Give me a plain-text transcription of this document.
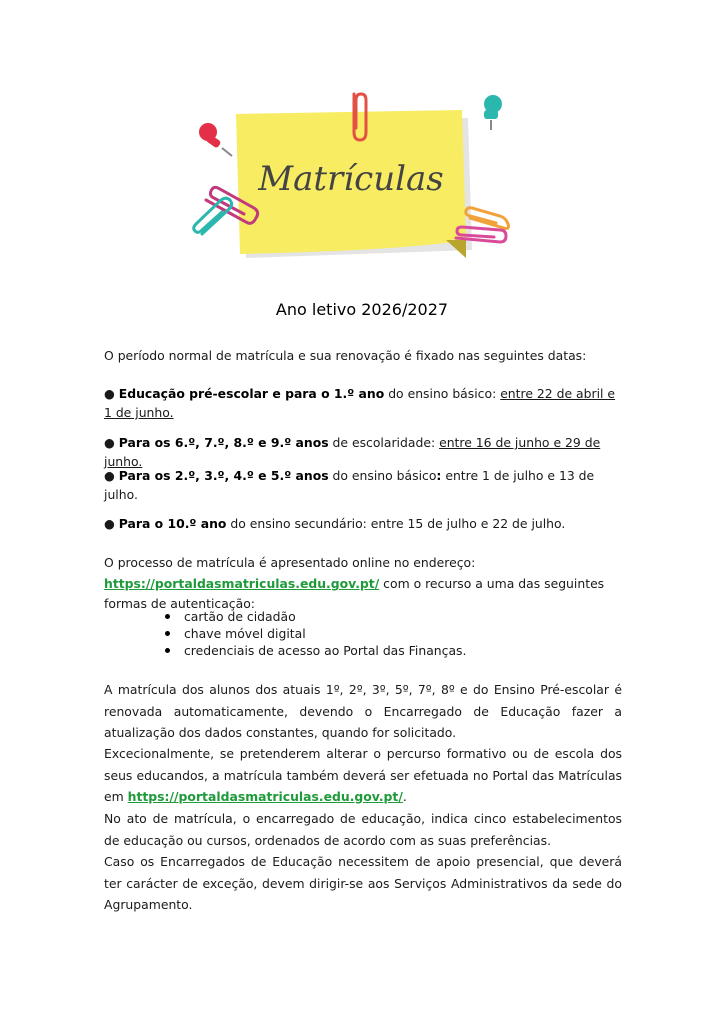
Matrículas
Ano letivo 2026/2027
O período normal de matrícula e sua renovação é fixado nas seguintes datas:
● Educação pré-escolar e para o 1.º ano do ensino básico: entre 22 de abril e 1 de junho.
● Para os 6.º, 7.º, 8.º e 9.º anos de escolaridade: entre 16 de junho e 29 de junho.
● Para os 2.º, 3.º, 4.º e 5.º anos do ensino básico: entre 1 de julho e 13 de julho.
● Para o 10.º ano do ensino secundário: entre 15 de julho e 22 de julho.
O processo de matrícula é apresentado online no endereço:
https://portaldasmatriculas.edu.gov.pt/ com o recurso a uma das seguintes
formas de autenticação:
cartão de cidadão
chave móvel digital
credenciais de acesso ao Portal das Finanças.
A matrícula dos alunos dos atuais 1º, 2º, 3º, 5º, 7º, 8º e do Ensino Pré-escolar é renovada automaticamente, devendo o Encarregado de Educação fazer a atualização dos dados constantes, quando for solicitado.
Excecionalmente, se pretenderem alterar o percurso formativo ou de escola dos seus educandos, a matrícula também deverá ser efetuada no Portal das Matrículas em https://portaldasmatriculas.edu.gov.pt/.
No ato de matrícula, o encarregado de educação, indica cinco estabelecimentos de educação ou cursos, ordenados de acordo com as suas preferências.
Caso os Encarregados de Educação necessitem de apoio presencial, que deverá ter carácter de exceção, devem dirigir-se aos Serviços Administrativos da sede do Agrupamento.
